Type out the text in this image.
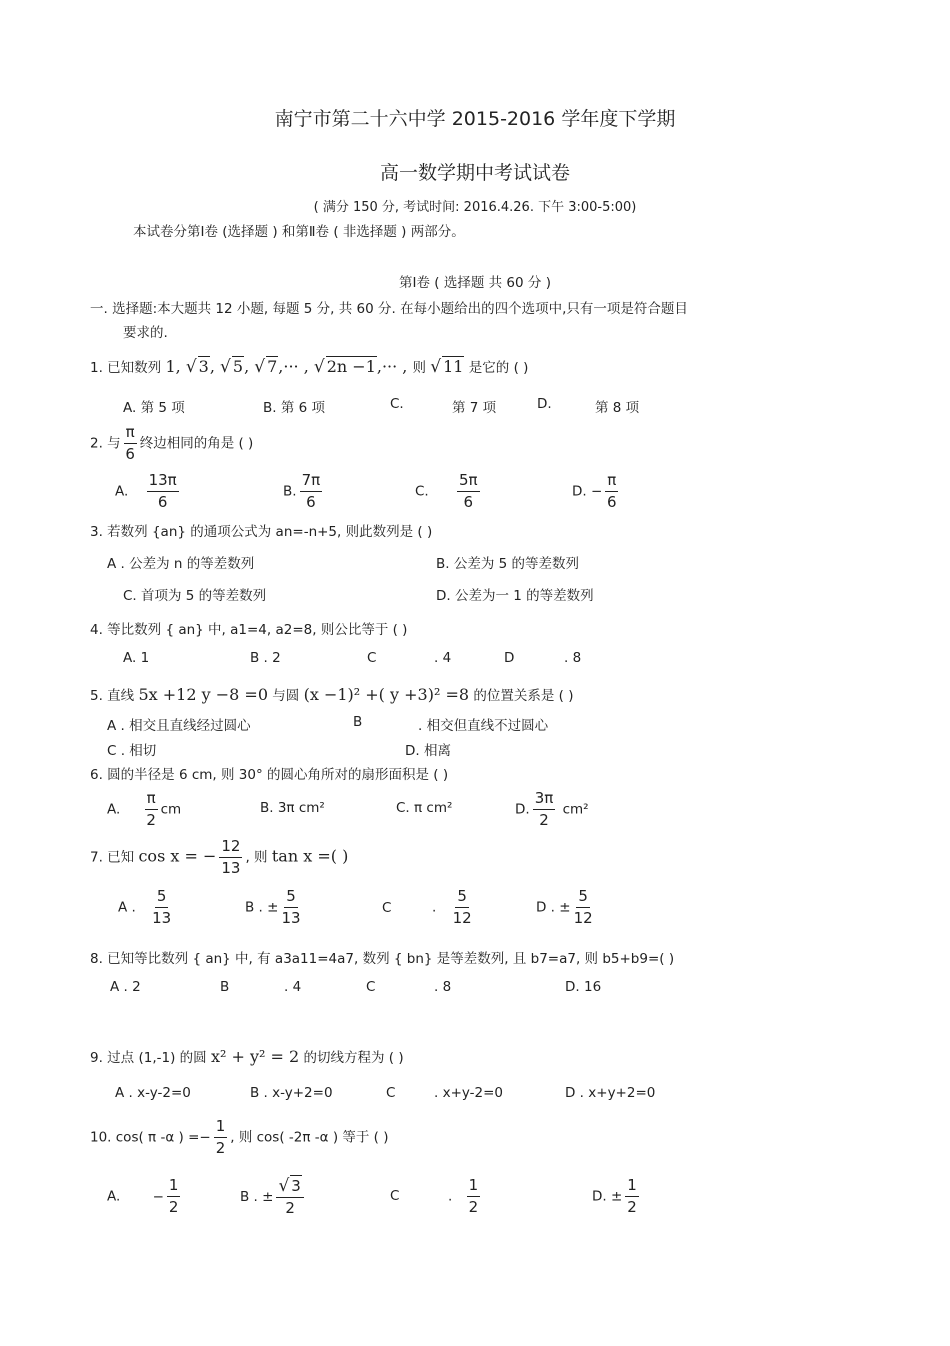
南宁市第二十六中学 2015-2016 学年度下学期
高一数学期中考试试卷
( 满分 150 分, 考试时间: 2016.4.26. 下午 3:00-5:00)
本试卷分第Ⅰ卷 (选择题 ) 和第Ⅱ卷 ( 非选择题 ) 两部分。
第Ⅰ卷 ( 选择题 共 60 分 )
一. 选择题:本大题共 12 小题, 每题 5 分, 共 60 分. 在每小题给出的四个选项中,只有一项是符合题目
要求的.
1. 已知数列 1, √ 3, √ 5, √ 7,··· , √ 2n −1,··· , 则 √ 11 是它的 ( )
A. 第 5 项	B. 第 6 项	C.	第 7 项	D.	第 8 项
2. 与 $\frac{\pi}{6}$ 终边相同的角是 ( )
A. $\frac{13\pi}{6}$	B. $\frac{7\pi}{6}$	C. $\frac{5\pi}{6}$	D. − $\frac{\pi}{6}$
3. 若数列 {an} 的通项公式为 an=-n+5, 则此数列是 ( )
A . 公差为 n 的等差数列	B. 公差为 5 的等差数列
C. 首项为 5 的等差数列	D. 公差为一 1 的等差数列
4. 等比数列 { an} 中, a1=4, a2=8, 则公比等于 ( )
A. 1	B . 2	C	. 4	D	. 8
5. 直线 5x +12 y −8 =0 与圆 (x −1)² +( y +3)² =8 的位置关系是 ( )
A . 相交且直线经过圆心	B	. 相交但直线不过圆心
C . 相切	D. 相离
6. 圆的半径是 6 cm, 则 30° 的圆心角所对的扇形面积是 ( )
A. $\frac{\pi}{2}$ cm	B. 3π cm²	C. π cm²	D. $\frac{3\pi}{2} cm^2$
7. 已知 cos x = − $\frac{12}{13}$ , 则 tan x =( )
A . $\frac{5}{13}$	B . ± $\frac{5}{13}$	C	. $\frac{5}{12}$	D . ± $\frac{5}{12}$
8. 已知等比数列 { an} 中, 有 a3a11=4a7, 数列 { bn} 是等差数列, 且 b7=a7, 则 b5+b9=( )
A . 2	B	. 4	C	. 8	D. 16
9. 过点 (1,-1) 的圆 x² + y² = 2 的切线方程为 ( )
A . x-y-2=0	B . x-y+2=0	C	. x+y-2=0	D . x+y+2=0
10. cos( π -α ) =− $\frac{1}{2}$ , 则 cos( -2π -α ) 等于 ( )
A. − $\frac{1}{2}$	B . ± $\frac{√ 3}{2}$	C	. $\frac{1}{2}$	D. ± $\frac{1}{2}$
